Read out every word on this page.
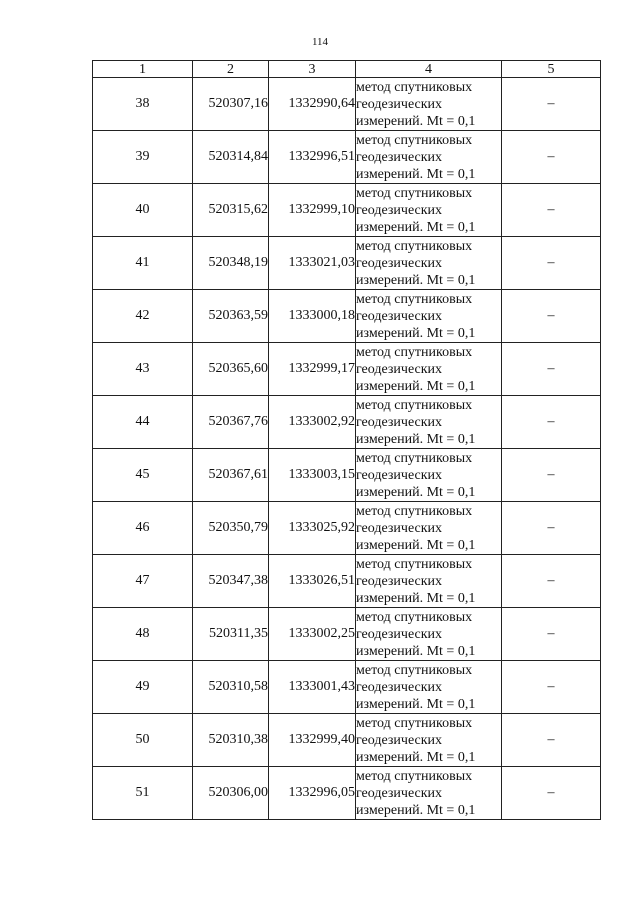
114
1	2	3	4	5
38	520307,16	1332990,64	метод спутниковых
геодезических
измерений. Mt = 0,1	–
39	520314,84	1332996,51	метод спутниковых
геодезических
измерений. Mt = 0,1	–
40	520315,62	1332999,10	метод спутниковых
геодезических
измерений. Mt = 0,1	–
41	520348,19	1333021,03	метод спутниковых
геодезических
измерений. Mt = 0,1	–
42	520363,59	1333000,18	метод спутниковых
геодезических
измерений. Mt = 0,1	–
43	520365,60	1332999,17	метод спутниковых
геодезических
измерений. Mt = 0,1	–
44	520367,76	1333002,92	метод спутниковых
геодезических
измерений. Mt = 0,1	–
45	520367,61	1333003,15	метод спутниковых
геодезических
измерений. Mt = 0,1	–
46	520350,79	1333025,92	метод спутниковых
геодезических
измерений. Mt = 0,1	–
47	520347,38	1333026,51	метод спутниковых
геодезических
измерений. Mt = 0,1	–
48	520311,35	1333002,25	метод спутниковых
геодезических
измерений. Mt = 0,1	–
49	520310,58	1333001,43	метод спутниковых
геодезических
измерений. Mt = 0,1	–
50	520310,38	1332999,40	метод спутниковых
геодезических
измерений. Mt = 0,1	–
51	520306,00	1332996,05	метод спутниковых
геодезических
измерений. Mt = 0,1	–
